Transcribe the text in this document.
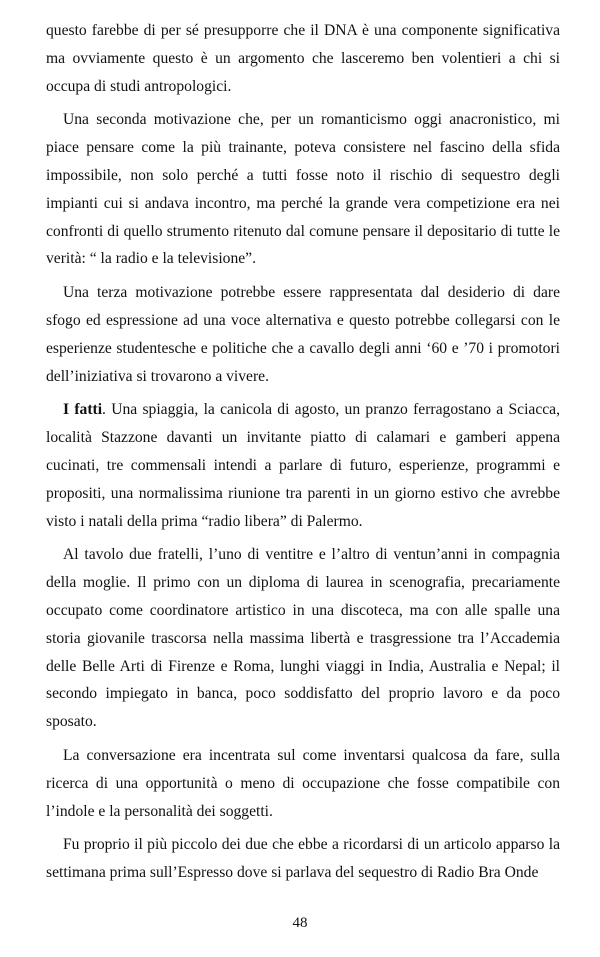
questo farebbe di per sé presupporre che il DNA è una componente significativa ma ovviamente questo è un argomento che lasceremo ben volentieri a chi si occupa di studi antropologici.

Una seconda motivazione che, per un romanticismo oggi anacronistico, mi piace pensare come la più trainante, poteva consistere nel fascino della sfida impossibile, non solo perché a tutti fosse noto il rischio di sequestro degli impianti cui si andava incontro, ma perché la grande vera competizione era nei confronti di quello strumento ritenuto dal comune pensare il depositario di tutte le verità: “ la radio e la televisione”.

Una terza motivazione potrebbe essere rappresentata dal desiderio di dare sfogo ed espressione ad una voce alternativa e questo potrebbe collegarsi con le esperienze studentesche e politiche che a cavallo degli anni ‘60 e ’70 i promotori dell’iniziativa si trovarono a vivere.

I fatti. Una spiaggia, la canicola di agosto, un pranzo ferragostano a Sciacca, località Stazzone davanti un invitante piatto di calamari e gamberi appena cucinati, tre commensali intendi a parlare di futuro, esperienze, programmi e propositi, una normalissima riunione tra parenti in un giorno estivo che avrebbe visto i natali della prima “radio libera” di Palermo.

Al tavolo due fratelli, l’uno di ventitre e l’altro di ventun’anni in compagnia della moglie. Il primo con un diploma di laurea in scenografia, precariamente occupato come coordinatore artistico in una discoteca, ma con alle spalle una storia giovanile trascorsa nella massima libertà e trasgressione tra l’Accademia delle Belle Arti di Firenze e Roma, lunghi viaggi in India, Australia e Nepal; il secondo impiegato in banca, poco soddisfatto del proprio lavoro e da poco sposato.

La conversazione era incentrata sul come inventarsi qualcosa da fare, sulla ricerca di una opportunità o meno di occupazione che fosse compatibile con l’indole e la personalità dei soggetti.

Fu proprio il più piccolo dei due che ebbe a ricordarsi di un articolo apparso la settimana prima sull’Espresso dove si parlava del sequestro di Radio Bra Onde

48
